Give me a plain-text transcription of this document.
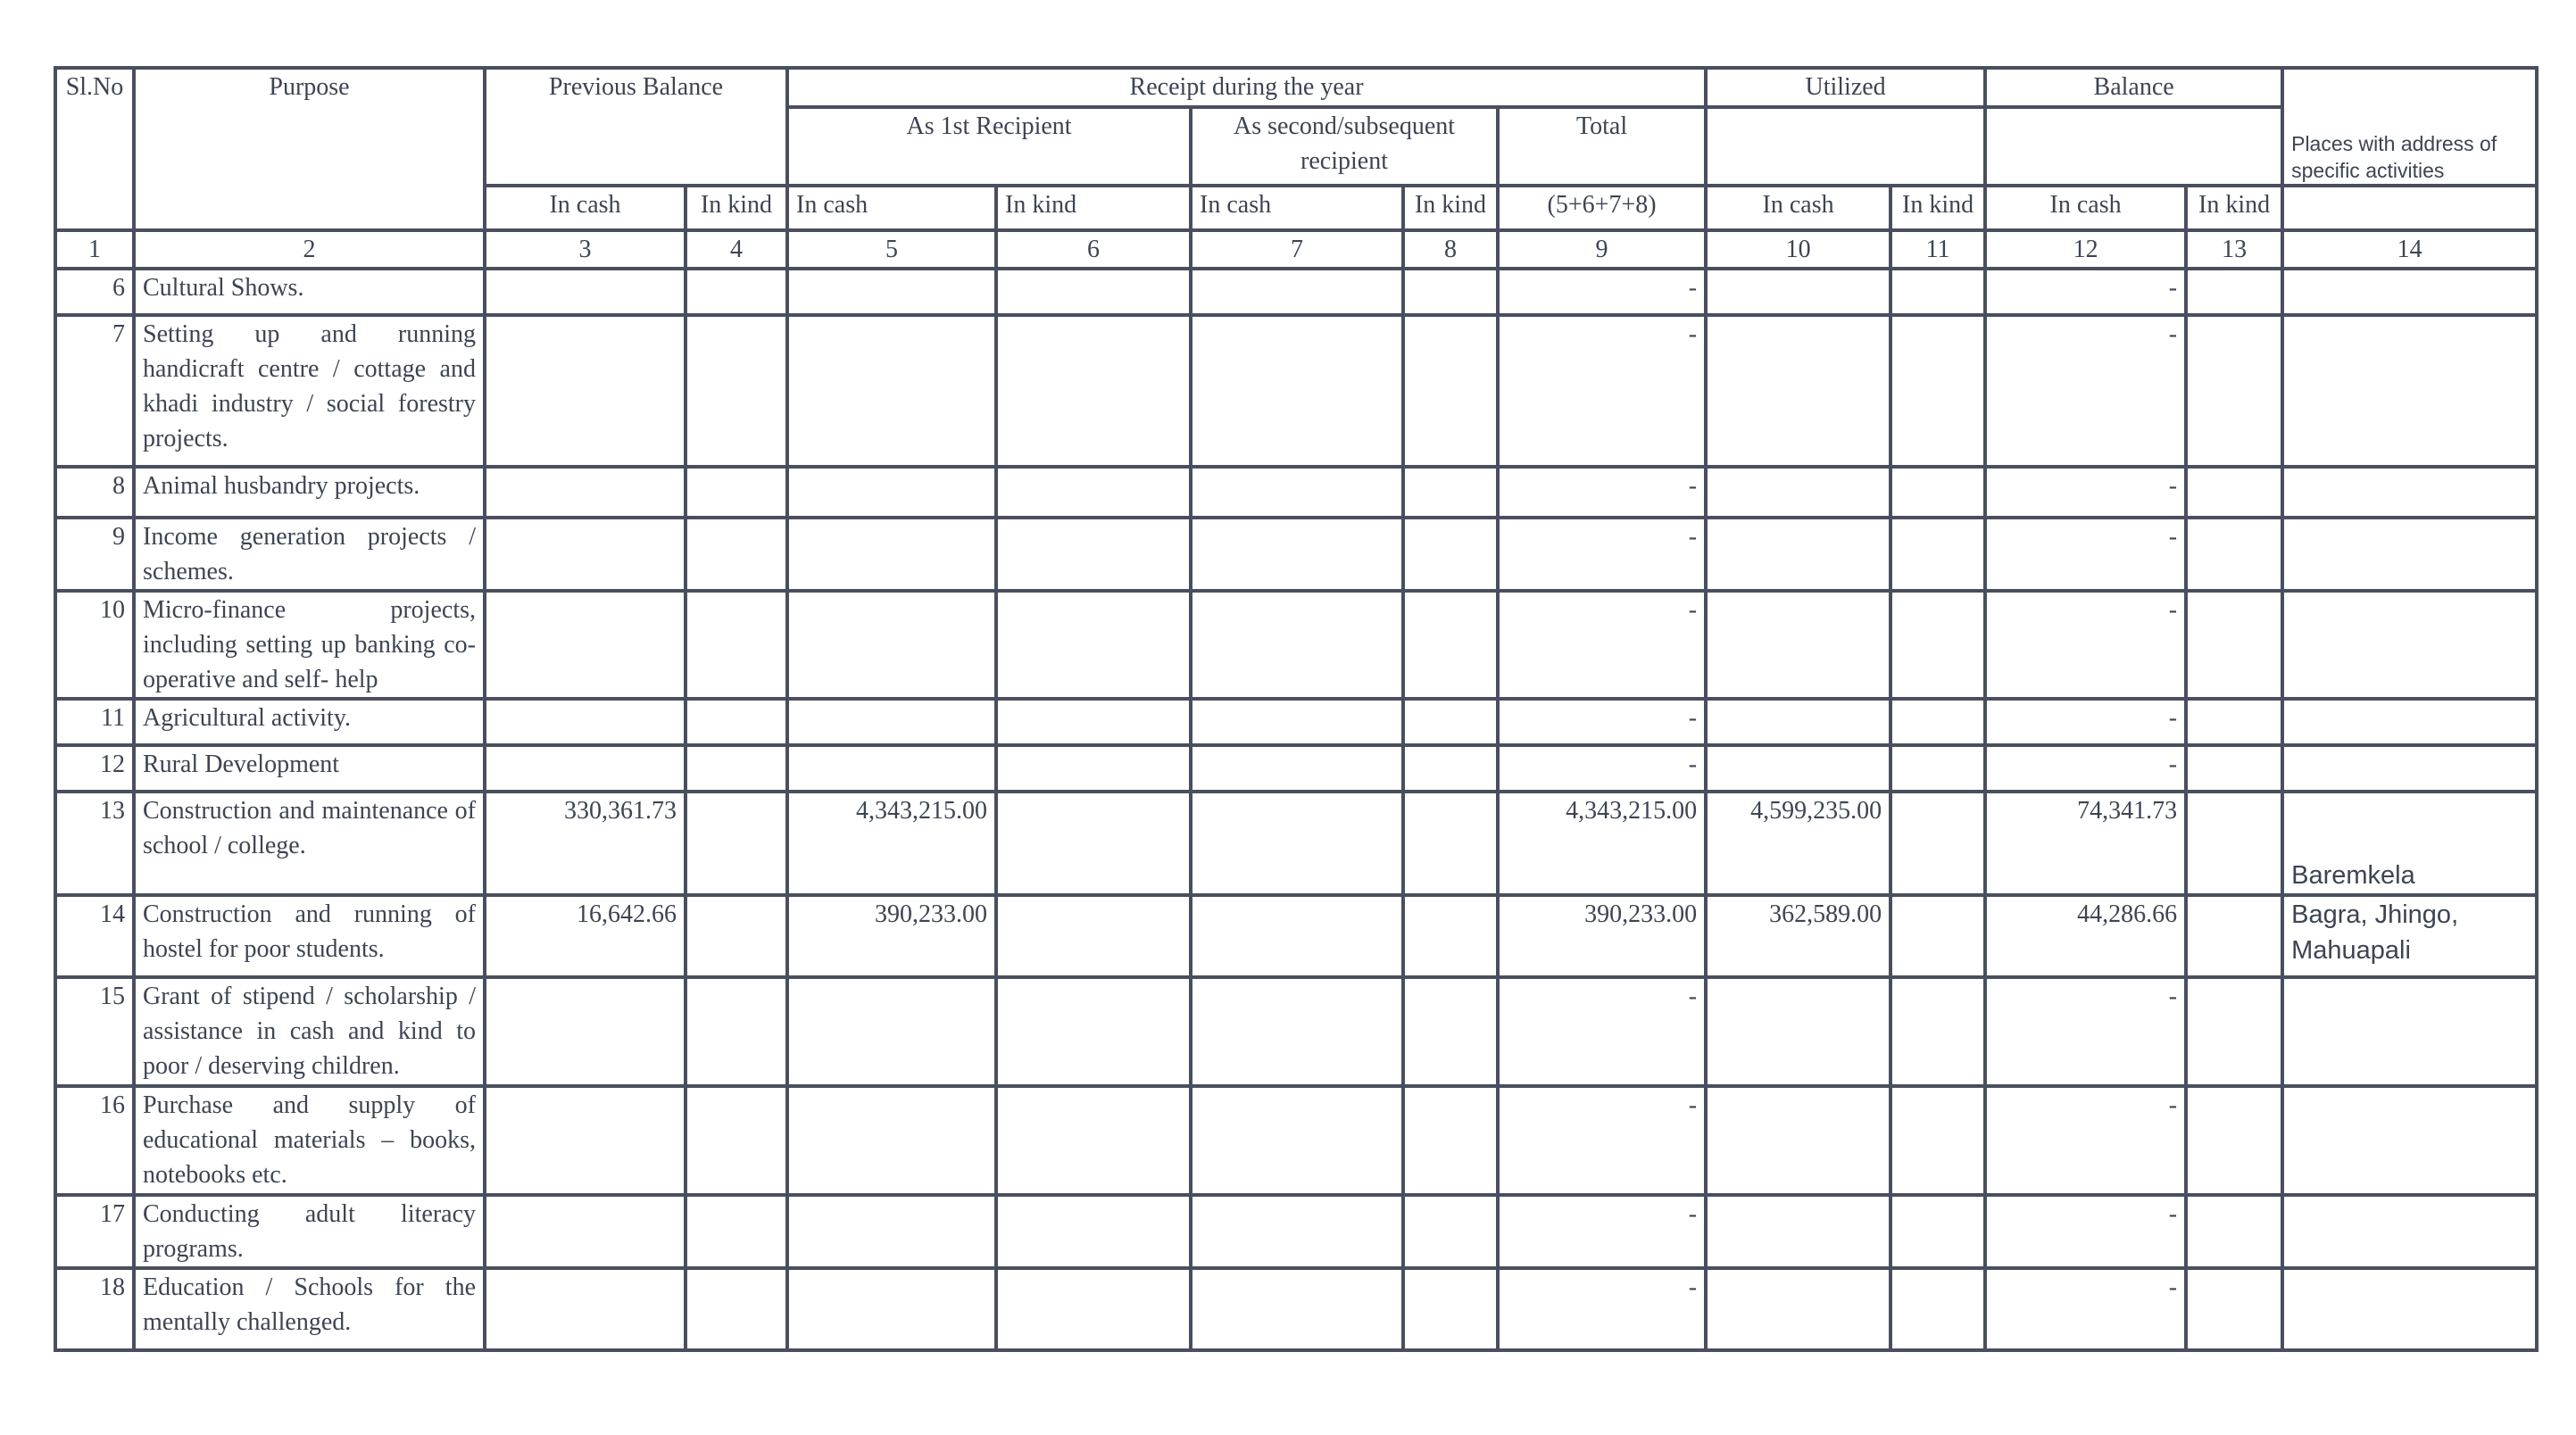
Sl.No	Purpose	Previous Balance		Receipt during the year					Utilized		Balance		Places with address of specific activities
				As 1st Recipient		As second/subsequent recipient		Total					
		In cash	In kind	In cash	In kind	In cash	In kind	(5+6+7+8)	In cash	In kind	In cash	In kind	
1	2	3	4	5	6	7	8	9	10	11	12	13	14
6	Cultural Shows.							-			-		
7	Setting up and running handicraft centre / cottage and khadi industry / social forestry projects.							-			-		
8	Animal husbandry projects.							-			-		
9	Income generation projects / schemes.							-			-		
10	Micro-finance projects, including setting up banking co-operative and self- help							-			-		
11	Agricultural activity.							-			-		
12	Rural Development							-			-		
13	Construction and maintenance of school / college.	330,361.73		4,343,215.00				4,343,215.00	4,599,235.00		74,341.73		Baremkela
14	Construction and running of hostel for poor students.	16,642.66		390,233.00				390,233.00	362,589.00		44,286.66		Bagra, Jhingo, Mahuapali
15	Grant of stipend / scholarship / assistance in cash and kind to poor / deserving children.							-			-		
16	Purchase and supply of educational materials – books, notebooks etc.							-			-		
17	Conducting adult literacy programs.							-			-		
18	Education / Schools for the mentally challenged.							-			-		
